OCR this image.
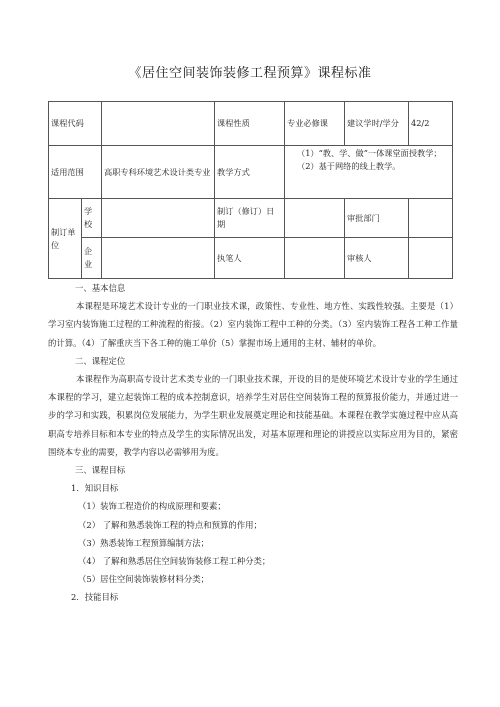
《居住空间装饰装修工程预算》课程标准
课程代码			课程性质	专业必修课	建议学时/学分	42/2
适用范围		高职专科环境艺术设计类专业	教学方式	（1）“教、学、做”一体课堂面授教学；
（2）基于网络的线上教学。		

制订单位	学校		制订（修订）日期		审批部门	
	企业		执笔人		审核人	

一、基本信息

本课程是环境艺术设计专业的一门职业技术课，政策性、专业性、地方性、实践性较强。主要是（1）学习室内装饰施工过程的工种流程的衔接。（2）室内装饰工程中工种的分类。（3）室内装饰工程各工种工作量的计算。（4）了解重庆当下各工种的施工单价（5）掌握市场上通用的主材、辅材的单价。

二、课程定位

本课程作为高职高专设计艺术类专业的一门职业技术课，开设的目的是使环境艺术设计专业的学生通过本课程的学习，建立起装饰工程的成本控制意识，培养学生对居住空间装饰工程的预算报价能力，并通过进一步的学习和实践，积累岗位发展能力，为学生职业发展奠定理论和技能基础。本课程在教学实施过程中应从高职高专培养目标和本专业的特点及学生的实际情况出发，对基本原理和理论的讲授应以实际应用为目的，紧密围绕本专业的需要，教学内容以必需够用为度。

三、课程目标

1．知识目标

（1）装饰工程造价的构成原理和要素；

（2） 了解和熟悉装饰工程的特点和预算的作用；

（3）熟悉装饰工程预算编制方法；

（4） 了解和熟悉居住空间装饰装修工程工种分类；

（5）居住空间装饰装修材料分类；

2．技能目标
